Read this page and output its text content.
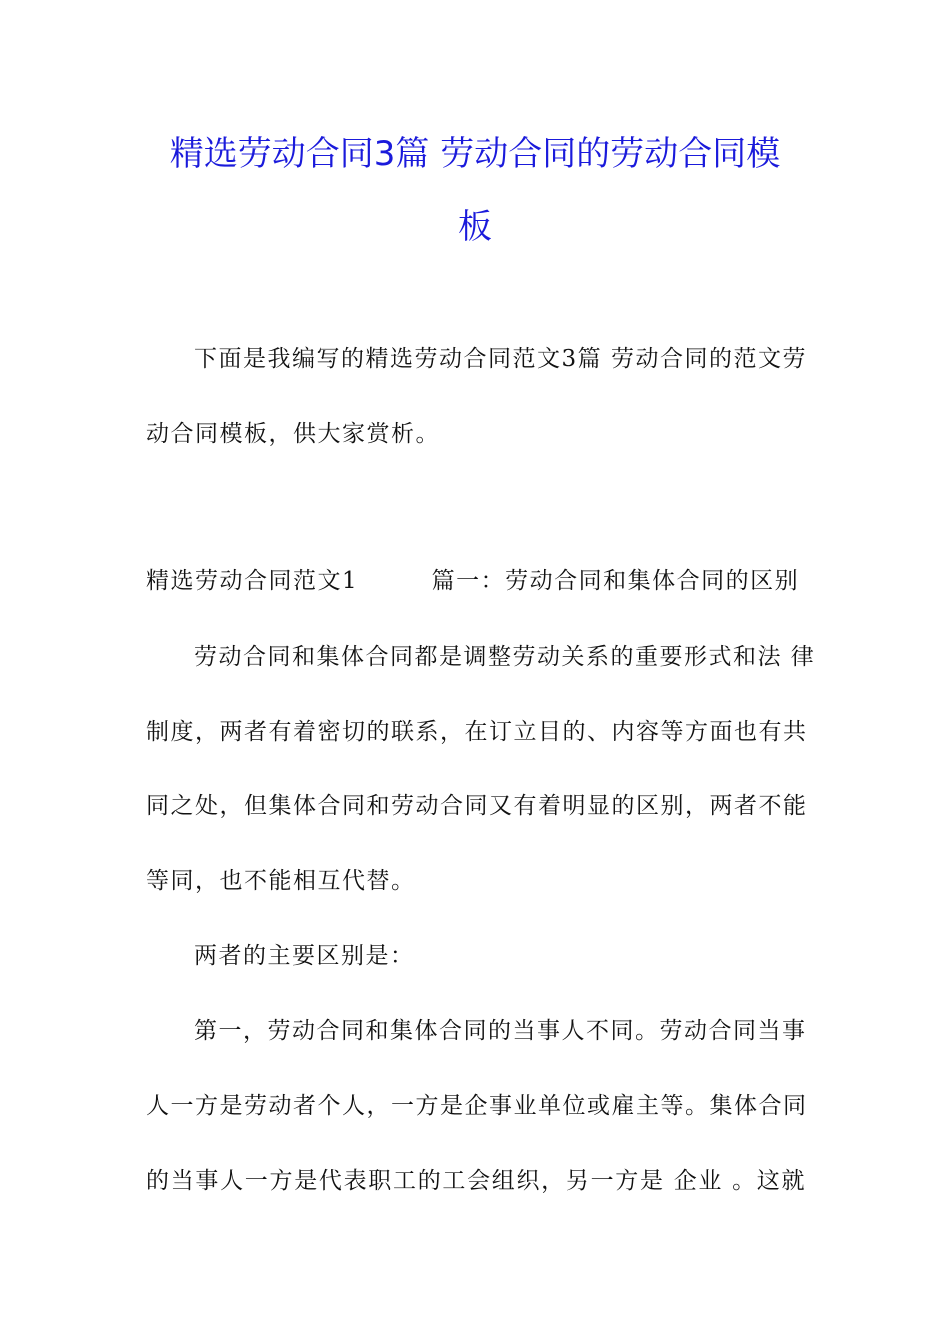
精选劳动合同3篇 劳动合同的劳动合同模
板
下面是我编写的精选劳动合同范文3篇 劳动合同的范文劳
动合同模板，供大家赏析。
精选劳动合同范文1　　　篇一：劳动合同和集体合同的区别
劳动合同和集体合同都是调整劳动关系的重要形式和法 律
制度，两者有着密切的联系，在订立目的、内容等方面也有共
同之处，但集体合同和劳动合同又有着明显的区别，两者不能
等同，也不能相互代替。
两者的主要区别是：
第一，劳动合同和集体合同的当事人不同。劳动合同当事
人一方是劳动者个人，一方是企事业单位或雇主等。集体合同
的当事人一方是代表职工的工会组织，另一方是 企业 。这就
